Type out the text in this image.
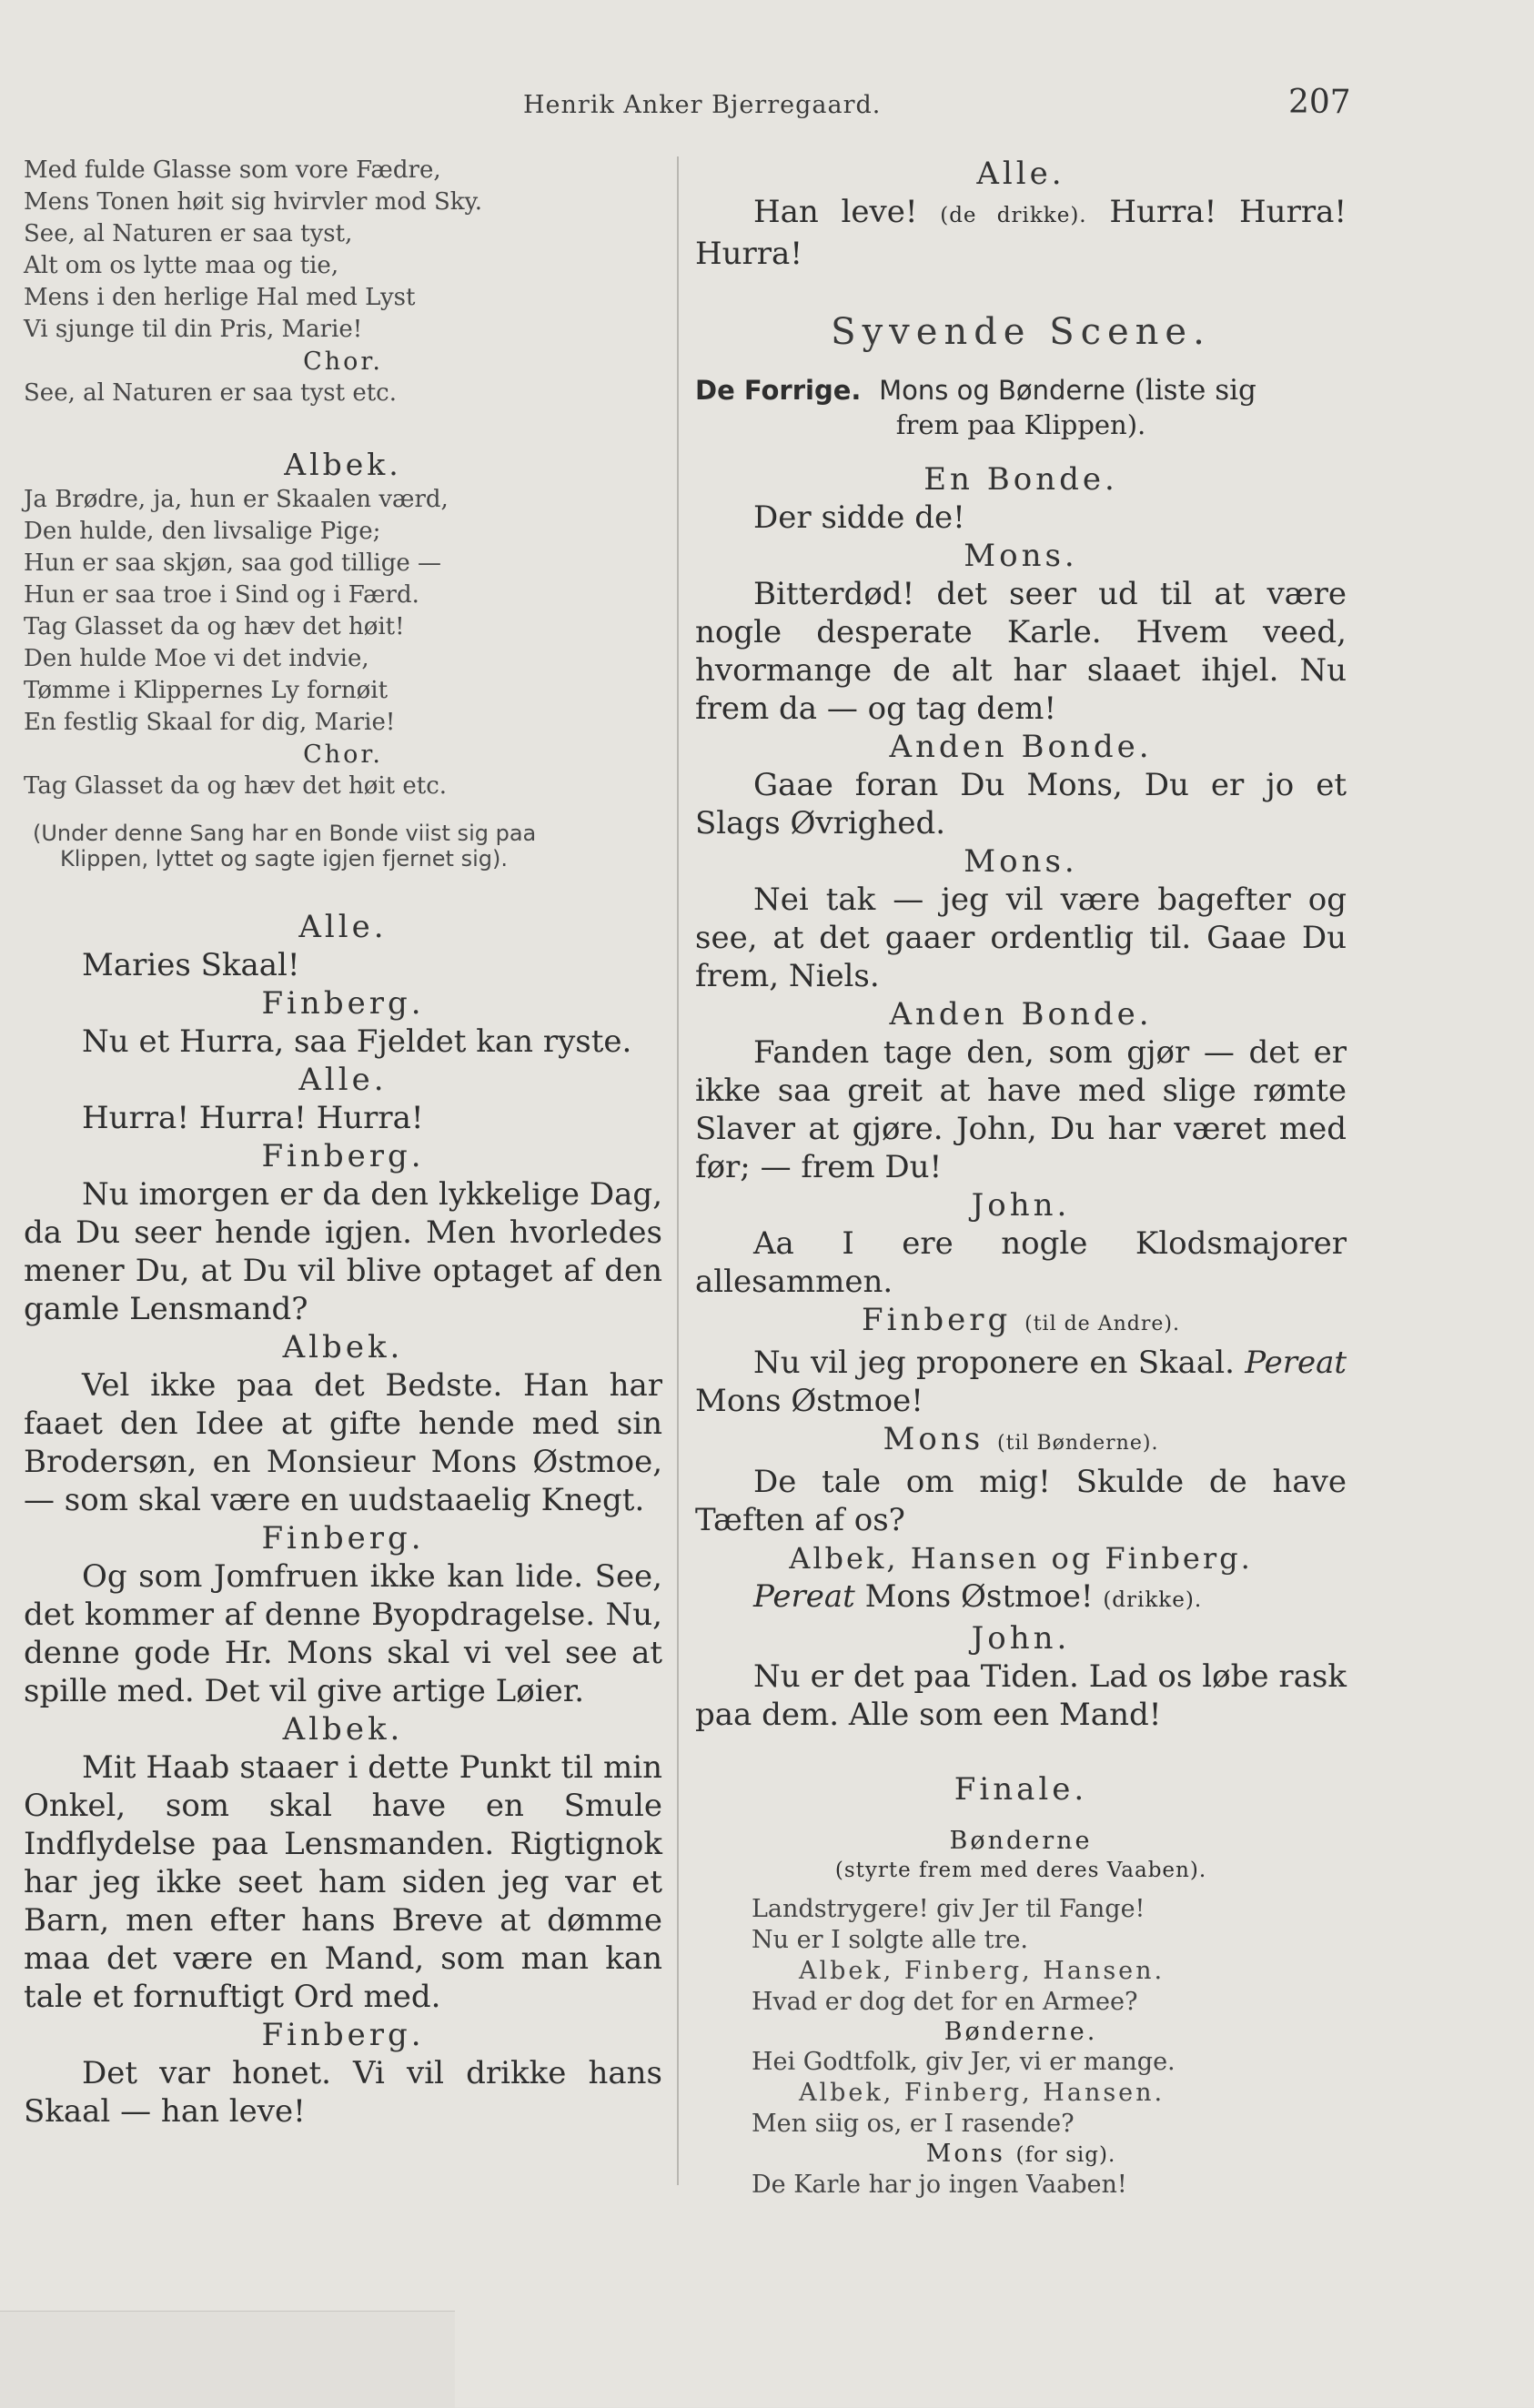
Henrik Anker Bjerregaard.	207

Med fulde Glasse som vore Fædre,

Mens Tonen høit sig hvirvler mod Sky.

See, al Naturen er saa tyst,

Alt om os lytte maa og tie,

Mens i den herlige Hal med Lyst

Vi sjunge til din Pris, Marie!

Chor.

See, al Naturen er saa tyst etc.

Albek.

Ja Brødre, ja, hun er Skaalen værd,

Den hulde, den livsalige Pige;

Hun er saa skjøn, saa god tillige —

Hun er saa troe i Sind og i Færd.

Tag Glasset da og hæv det høit!

Den hulde Moe vi det indvie,

Tømme i Klippernes Ly fornøit

En festlig Skaal for dig, Marie!

Chor.

Tag Glasset da og hæv det høit etc.

(Under denne Sang har en Bonde viist sig paa
Klippen, lyttet og sagte igjen fjernet sig).

Alle.

Maries Skaal!

Finberg.

Nu et Hurra, saa Fjeldet kan ryste.

Alle.

Hurra! Hurra! Hurra!

Finberg.

Nu imorgen er da den lykkelige Dag, da Du seer hende igjen. Men hvorledes mener Du, at Du vil blive optaget af den gamle Lensmand?

Albek.

Vel ikke paa det Bedste. Han har faaet den Idee at gifte hende med sin Brodersøn, en Monsieur Mons Østmoe, — som skal være en uudstaaelig Knegt.

Finberg.

Og som Jomfruen ikke kan lide. See, det kommer af denne Byopdragelse. Nu, denne gode Hr. Mons skal vi vel see at spille med. Det vil give artige Løier.

Albek.

Mit Haab staaer i dette Punkt til min Onkel, som skal have en Smule Indflydelse paa Lensmanden. Rigtignok har jeg ikke seet ham siden jeg var et Barn, men efter hans Breve at dømme maa det være en Mand, som man kan tale et fornuftigt Ord med.

Finberg.

Det var honet. Vi vil drikke hans Skaal — han leve!

Alle.

Han leve! (de drikke). Hurra! Hurra! Hurra!

Syvende Scene.

De Forrige. Mons og Bønderne (liste sig
frem paa Klippen).

En Bonde.

Der sidde de!

Mons.

Bitterdød! det seer ud til at være nogle desperate Karle. Hvem veed, hvormange de alt har slaaet ihjel. Nu frem da — og tag dem!

Anden Bonde.

Gaae foran Du Mons, Du er jo et Slags Øvrighed.

Mons.

Nei tak — jeg vil være bagefter og see, at det gaaer ordentlig til. Gaae Du frem, Niels.

Anden Bonde.

Fanden tage den, som gjør — det er ikke saa greit at have med slige rømte Slaver at gjøre. John, Du har været med før; — frem Du!

John.

Aa I ere nogle Klodsmajorer allesammen.

Finberg (til de Andre).

Nu vil jeg proponere en Skaal. Pereat Mons Østmoe!

Mons (til Bønderne).

De tale om mig! Skulde de have Tæften af os?

Albek, Hansen og Finberg.

Pereat Mons Østmoe! (drikke).

John.

Nu er det paa Tiden. Lad os løbe rask paa dem. Alle som een Mand!

Finale.

Bønderne

(styrte frem med deres Vaaben).

Landstrygere! giv Jer til Fange!

Nu er I solgte alle tre.

Albek, Finberg, Hansen.

Hvad er dog det for en Armee?

Bønderne.

Hei Godtfolk, giv Jer, vi er mange.

Albek, Finberg, Hansen.

Men siig os, er I rasende?

Mons (for sig).

De Karle har jo ingen Vaaben!
